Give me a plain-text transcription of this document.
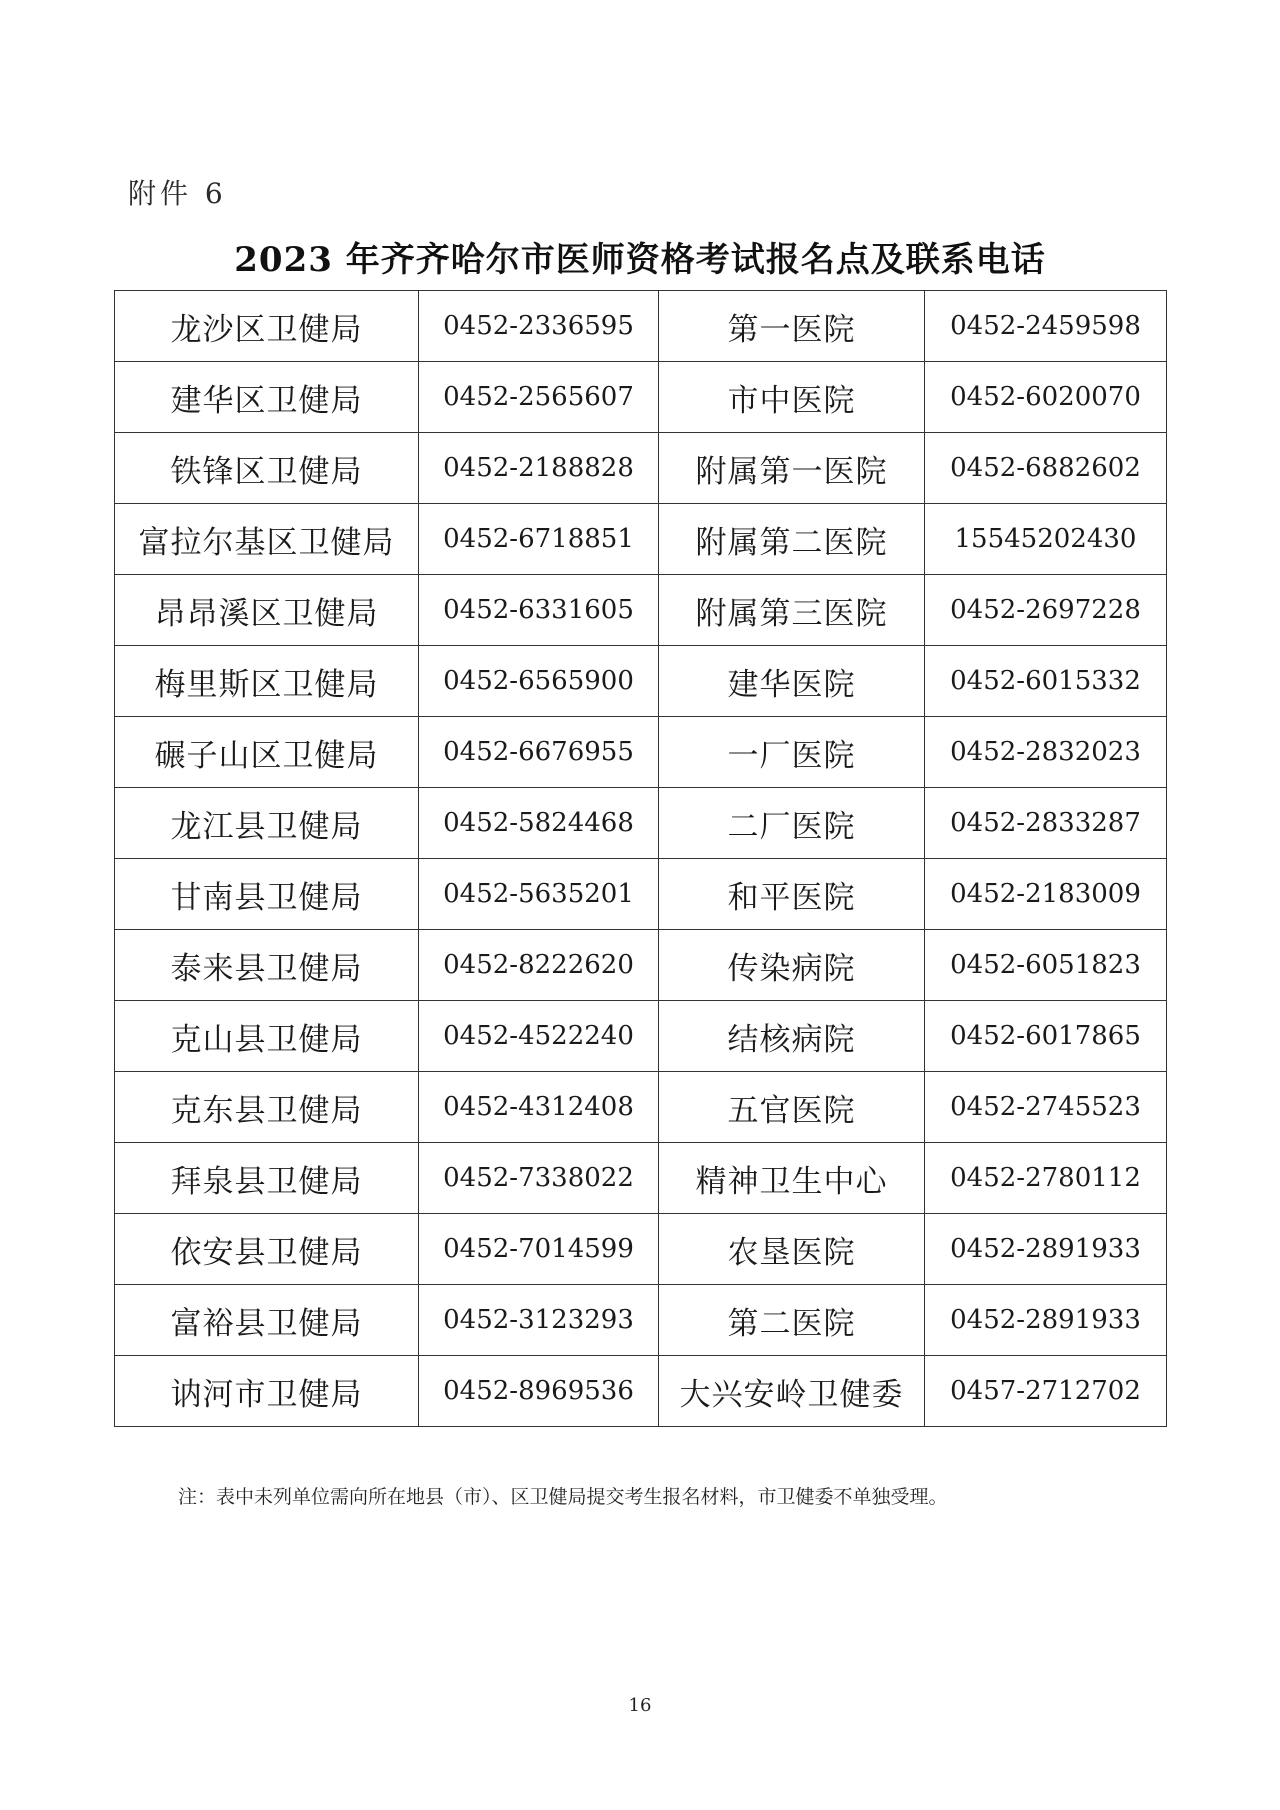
附件 6
2023 年齐齐哈尔市医师资格考试报名点及联系电话
龙沙区卫健局	0452-2336595	第一医院	0452-2459598
建华区卫健局	0452-2565607	市中医院	0452-6020070
铁锋区卫健局	0452-2188828	附属第一医院	0452-6882602
富拉尔基区卫健局	0452-6718851	附属第二医院	15545202430
昂昂溪区卫健局	0452-6331605	附属第三医院	0452-2697228
梅里斯区卫健局	0452-6565900	建华医院	0452-6015332
碾子山区卫健局	0452-6676955	一厂医院	0452-2832023
龙江县卫健局	0452-5824468	二厂医院	0452-2833287
甘南县卫健局	0452-5635201	和平医院	0452-2183009
泰来县卫健局	0452-8222620	传染病院	0452-6051823
克山县卫健局	0452-4522240	结核病院	0452-6017865
克东县卫健局	0452-4312408	五官医院	0452-2745523
拜泉县卫健局	0452-7338022	精神卫生中心	0452-2780112
依安县卫健局	0452-7014599	农垦医院	0452-2891933
富裕县卫健局	0452-3123293	第二医院	0452-2891933
讷河市卫健局	0452-8969536	大兴安岭卫健委	0457-2712702
注：表中未列单位需向所在地县（市）、区卫健局提交考生报名材料，市卫健委不单独受理。
16
